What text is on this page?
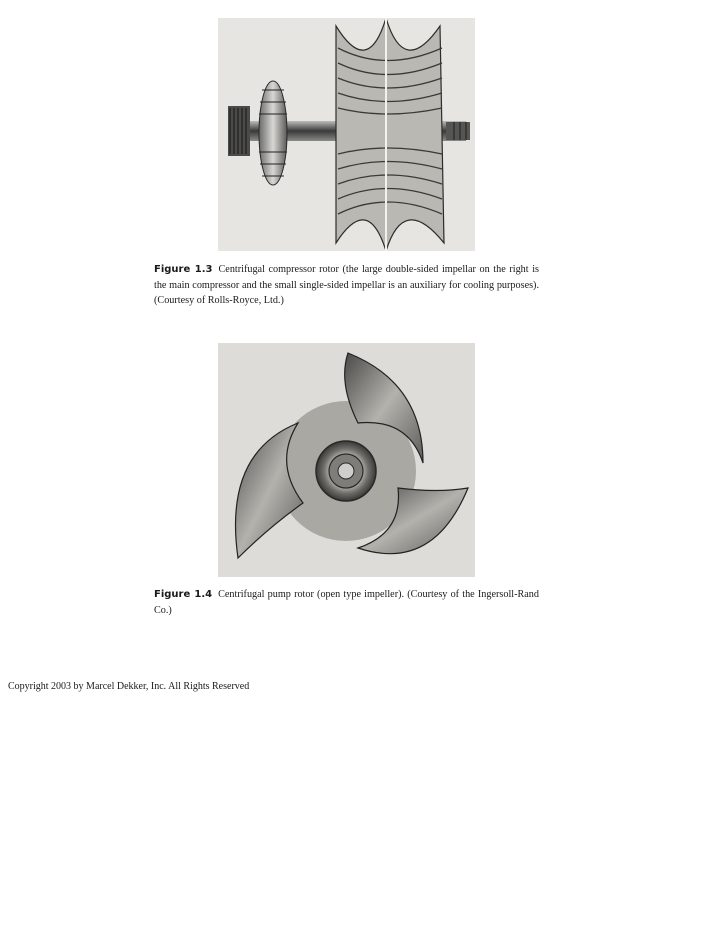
Figure 1.3 Centrifugal compressor rotor (the large double-sided impellar on the right is the main compressor and the small single-sided impellar is an auxiliary for cooling purposes). (Courtesy of Rolls-Royce, Ltd.)
Figure 1.4 Centrifugal pump rotor (open type impeller). (Courtesy of the Ingersoll-Rand Co.)
Copyright 2003 by Marcel Dekker, Inc. All Rights Reserved
